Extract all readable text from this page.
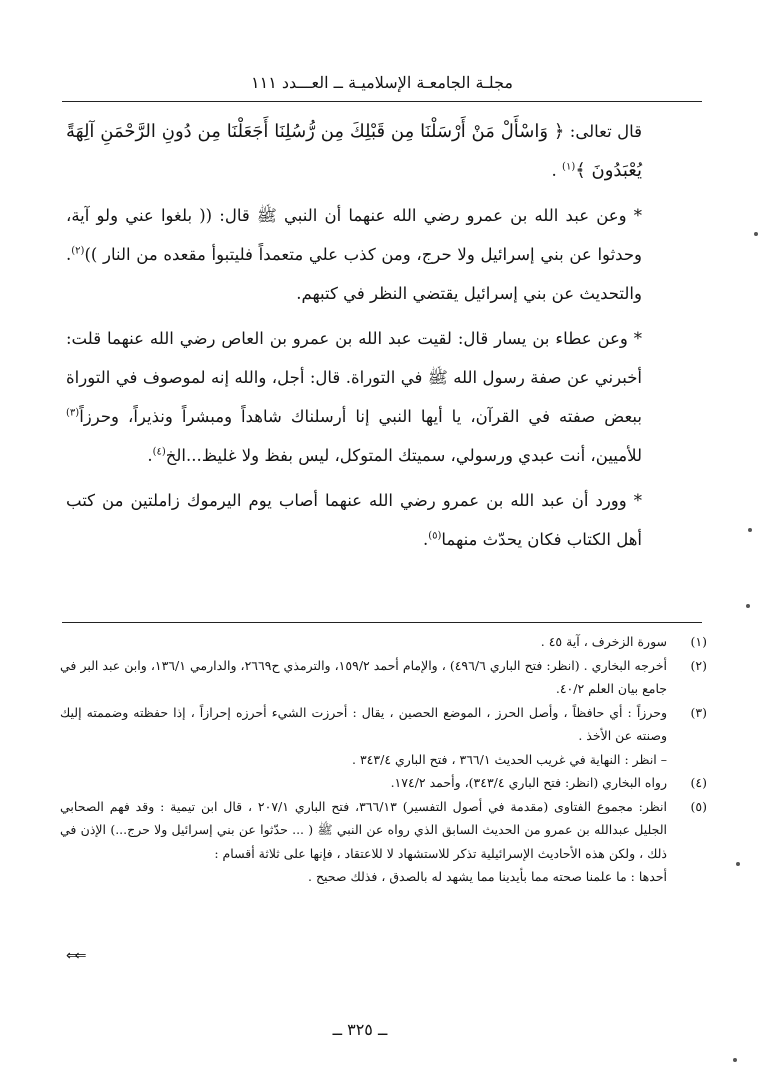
مجلـة الجامعـة الإسلاميـة ــ العـــدد ١١١

قال تعالى: ﴿ وَاسْأَلْ مَنْ أَرْسَلْنَا مِن قَبْلِكَ مِن رُّسُلِنَا أَجَعَلْنَا مِن دُونِ الرَّحْمَنِ آلِهَةً يُعْبَدُونَ ﴾$^{(١)}$ .

* وعن عبد الله بن عمرو رضي الله عنهما أن النبي ﷺ قال: (( بلغوا عني ولو آية، وحدثوا عن بني إسرائيل ولا حرج، ومن كذب علي متعمداً فليتبوأ مقعده من النار ))$^{(٢)}$. والتحديث عن بني إسرائيل يقتضي النظر في كتبهم.

* وعن عطاء بن يسار قال: لقيت عبد الله بن عمرو بن العاص رضي الله عنهما قلت: أخبرني عن صفة رسول الله ﷺ في التوراة. قال: أجل، والله إنه لموصوف في التوراة ببعض صفته في القرآن، يا أيها النبي إنا أرسلناك شاهداً ومبشراً ونذيراً، وحرزاً$^{(٣)}$ للأميين، أنت عبدي ورسولي، سميتك المتوكل، ليس بفظ ولا غليظ...الخ$^{(٤)}$.

* وورد أن عبد الله بن عمرو رضي الله عنهما أصاب يوم اليرموك زاملتين من كتب أهل الكتاب فكان يحدّث منهما$^{(٥)}$.

(١)
سورة الزخرف ، آية ٤٥ .
(٢)
أخرجه البخاري . (انظر: فتح الباري ٤٩٦/٦) ، والإمام أحمد ١٥٩/٢، والترمذي ح٢٦٦٩، والدارمي ١٣٦/١، وابن عبد البر في جامع بيان العلم ٤٠/٢.
(٣)
وحرزاً : أي حافظاً ، وأصل الحرز ، الموضع الحصين ، يقال : أحرزت الشيء أحرزه إحرازاً ، إذا حفظته وضممته إليك وصنته عن الأخذ .
– انظر : النهاية في غريب الحديث ٣٦٦/١ ، فتح الباري ٣٤٣/٤ .
(٤)
رواه البخاري (انظر: فتح الباري ٣٤٣/٤)، وأحمد ١٧٤/٢.
(٥)
انظر: مجموع الفتاوى (مقدمة في أصول التفسير) ٣٦٦/١٣، فتح الباري ٢٠٧/١ ، قال ابن تيمية : وقد فهم الصحابي الجليل عبدالله بن عمرو من الحديث السابق الذي رواه عن النبي ﷺ ( ... حدّثوا عن بني إسرائيل ولا حرج...) الإذن في ذلك ، ولكن هذه الأحاديث الإسرائيلية تذكر للاستشهاد لا للاعتقاد ، فإنها على ثلاثة أقسام :
أحدها : ما علمنا صحته مما بأيدينا مما يشهد له بالصدق ، فذلك صحيح .
⇐⇐
ــ ٣٢٥ ــ
